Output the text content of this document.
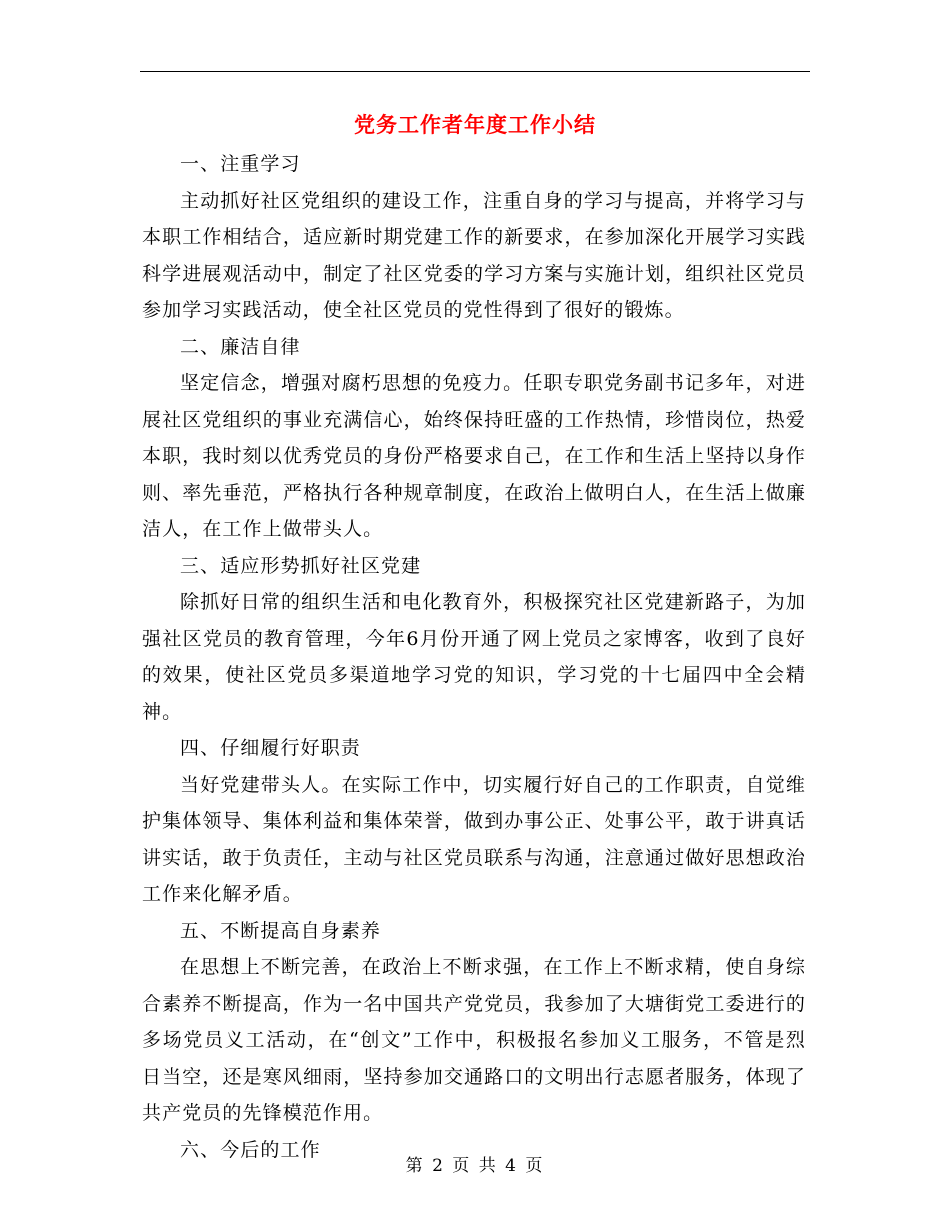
党务工作者年度工作小结

一、注重学习

主动抓好社区党组织的建设工作，注重自身的学习与提高，并将学习与本职工作相结合，适应新时期党建工作的新要求，在参加深化开展学习实践科学进展观活动中，制定了社区党委的学习方案与实施计划，组织社区党员参加学习实践活动，使全社区党员的党性得到了很好的锻炼。

二、廉洁自律

坚定信念，增强对腐朽思想的免疫力。任职专职党务副书记多年，对进展社区党组织的事业充满信心，始终保持旺盛的工作热情，珍惜岗位，热爱本职，我时刻以优秀党员的身份严格要求自己，在工作和生活上坚持以身作则、率先垂范，严格执行各种规章制度，在政治上做明白人，在生活上做廉洁人，在工作上做带头人。

三、适应形势抓好社区党建

除抓好日常的组织生活和电化教育外，积极探究社区党建新路子，为加强社区党员的教育管理，今年6月份开通了网上党员之家博客，收到了良好的效果，使社区党员多渠道地学习党的知识，学习党的十七届四中全会精神。

四、仔细履行好职责

当好党建带头人。在实际工作中，切实履行好自己的工作职责，自觉维护集体领导、集体利益和集体荣誉，做到办事公正、处事公平，敢于讲真话讲实话，敢于负责任，主动与社区党员联系与沟通，注意通过做好思想政治工作来化解矛盾。

五、不断提高自身素养

在思想上不断完善，在政治上不断求强，在工作上不断求精，使自身综合素养不断提高，作为一名中国共产党党员，我参加了大塘街党工委进行的多场党员义工活动，在“创文”工作中，积极报名参加义工服务，不管是烈日当空，还是寒风细雨，坚持参加交通路口的文明出行志愿者服务，体现了共产党员的先锋模范作用。

六、今后的工作

第 2 页 共 4 页
